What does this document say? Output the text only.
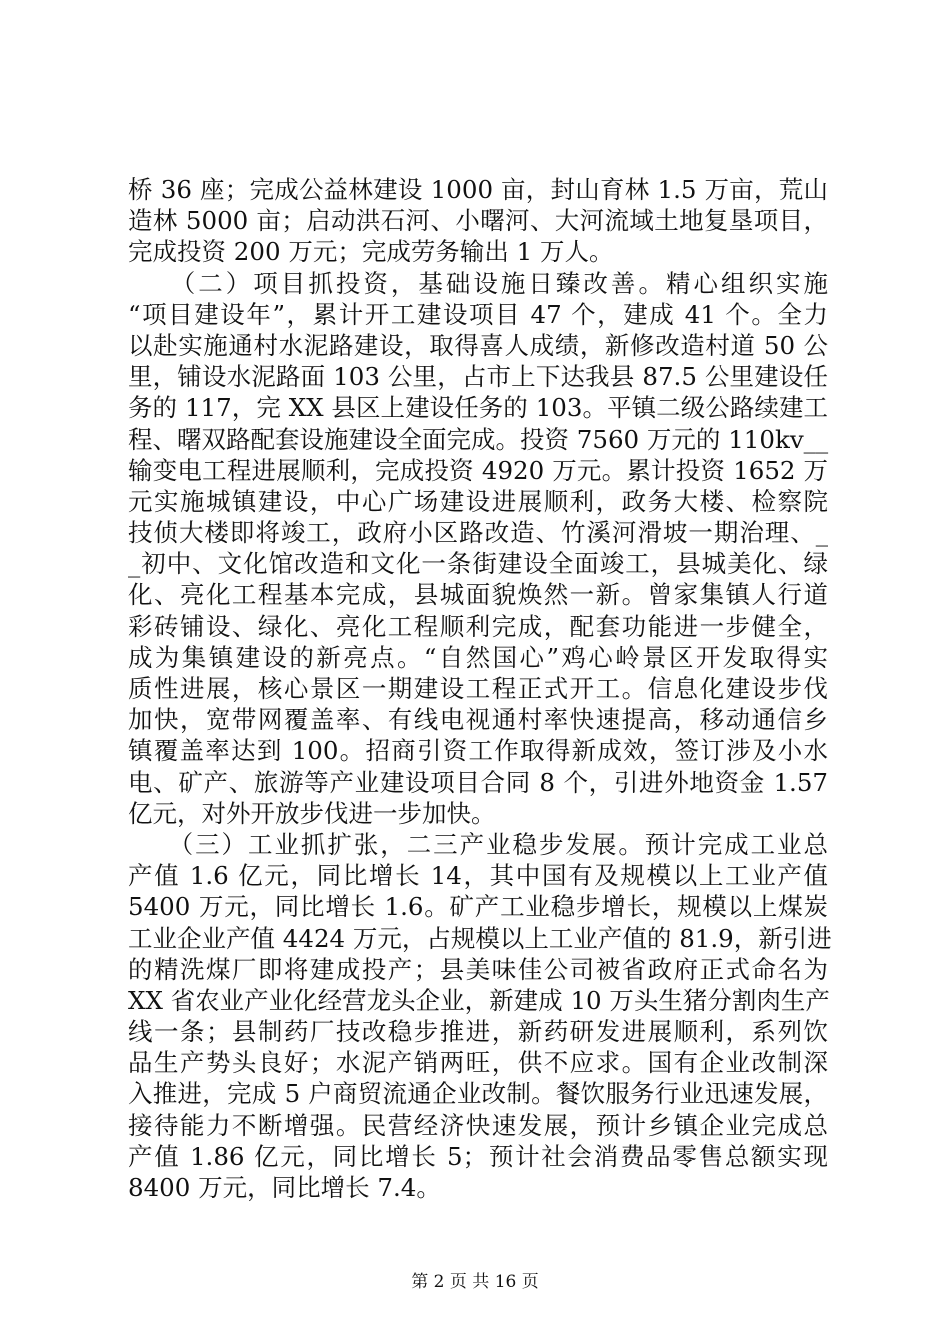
桥 36 座；完成公益林建设 1000 亩，封山育林 1.5 万亩，荒山
造林 5000 亩；启动洪石河、小曙河、大河流域土地复垦项目，
完成投资 200 万元；完成劳务输出 1 万人。
　　（二）项目抓投资，基础设施日臻改善。精心组织实施
“项目建设年”，累计开工建设项目 47 个，建成 41 个。全力
以赴实施通村水泥路建设，取得喜人成绩，新修改造村道 50 公
里，铺设水泥路面 103 公里，占市上下达我县 87.5 公里建设任
务的 117，完 XX 县区上建设任务的 103。平镇二级公路续建工
程、曙双路配套设施建设全面完成。投资 7560 万元的 110kv__
输变电工程进展顺利，完成投资 4920 万元。累计投资 1652 万
元实施城镇建设，中心广场建设进展顺利，政务大楼、检察院
技侦大楼即将竣工，政府小区路改造、竹溪河滑坡一期治理、_
_初中、文化馆改造和文化一条街建设全面竣工，县城美化、绿
化、亮化工程基本完成，县城面貌焕然一新。曾家集镇人行道
彩砖铺设、绿化、亮化工程顺利完成，配套功能进一步健全，
成为集镇建设的新亮点。“自然国心”鸡心岭景区开发取得实
质性进展，核心景区一期建设工程正式开工。信息化建设步伐
加快，宽带网覆盖率、有线电视通村率快速提高，移动通信乡
镇覆盖率达到 100。招商引资工作取得新成效，签订涉及小水
电、矿产、旅游等产业建设项目合同 8 个，引进外地资金 1.57
亿元，对外开放步伐进一步加快。
　　（三）工业抓扩张，二三产业稳步发展。预计完成工业总
产值 1.6 亿元，同比增长 14，其中国有及规模以上工业产值
5400 万元，同比增长 1.6。矿产工业稳步增长，规模以上煤炭
工业企业产值 4424 万元，占规模以上工业产值的 81.9，新引进
的精洗煤厂即将建成投产；县美味佳公司被省政府正式命名为
XX 省农业产业化经营龙头企业，新建成 10 万头生猪分割肉生产
线一条；县制药厂技改稳步推进，新药研发进展顺利，系列饮
品生产势头良好；水泥产销两旺，供不应求。国有企业改制深
入推进，完成 5 户商贸流通企业改制。餐饮服务行业迅速发展，
接待能力不断增强。民营经济快速发展，预计乡镇企业完成总
产值 1.86 亿元，同比增长 5；预计社会消费品零售总额实现
8400 万元，同比增长 7.4。
第 2 页 共 16 页
